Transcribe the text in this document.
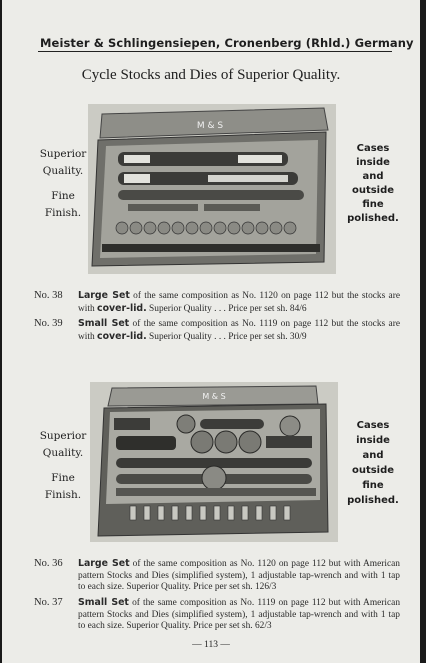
Meister & Schlingensiepen, Cronenberg (Rhld.) Germany
Cycle Stocks and Dies of Superior Quality.
Superior
Quality.
Fine
Finish.
M & S
Cases
inside
and
outside
fine
polished.
No. 38 Large Set of the same composition as No. 1120 on page 112 but the stocks are with cover-lid. Superior Quality . . . Price per set sh. 84/6
No. 39 Small Set of the same composition as No. 1119 on page 112 but the stocks are with cover-lid. Superior Quality . . . Price per set sh. 30/9
Superior
Quality.
Fine
Finish.
M & S
Cases
inside
and
outside
fine
polished.
No. 36 Large Set of the same composition as No. 1120 on page 112 but with American pattern Stocks and Dies (simplified system), 1 adjustable tap-wrench and with 1 tap to each size. Superior Quality. Price per set sh. 126/3
No. 37 Small Set of the same composition as No. 1119 on page 112 but with American pattern Stocks and Dies (simplified system), 1 adjustable tap-wrench and with 1 tap to each size. Superior Quality. Price per set sh. 62/3
— 113 —
